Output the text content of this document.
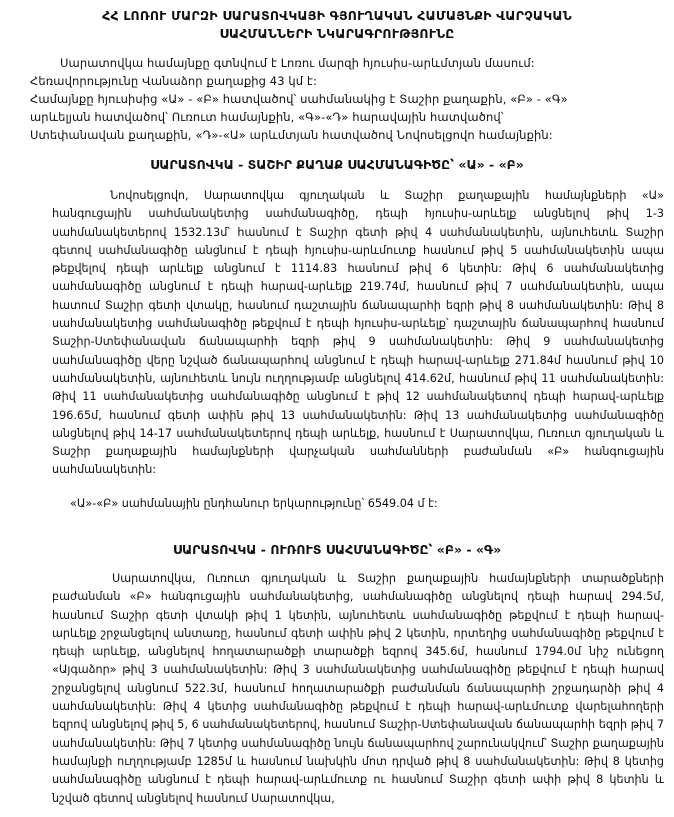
ՀՀ ԼՈՌՈՒ ՄԱՐԶԻ ՍԱՐԱՏՈՎԿԱՅԻ ԳՅՈՒՂԱԿԱՆ ՀԱՄԱՅՆՔԻ ՎԱՐՉԱԿԱՆ
ՍԱՀՄԱՆՆԵՐԻ ՆԿԱՐԱԳՐՈՒԹՅՈՒՆԸ
Սարատովկա համայնքը գտնվում է Լոռու մարզի հյուսիս-արևմտյան մասում:
Հեռավորությունը Վանաձոր քաղաքից 43 կմ է:
Համայնքը հյուսիսից «Ա» - «Բ» հատվածով՝ սահմանակից է Տաշիր քաղաքին, «Բ» - «Գ»
արևելյան հատվածով՝ Ուռուտ համայնքին, «Գ»-«Դ» հարավային հատվածով՝
Ստեփանավան քաղաքին, «Դ»-«Ա» արևմտյան հատվածով Նովոսելցովո համայնքին:
ՍԱՐԱՏՈՎԿԱ - ՏԱՇԻՐ ՔԱՂԱՔ ՍԱՀՄԱՆԱԳԻԾԸ՝ «Ա» - «Բ»

Նովոսելցովո, Սարատովկա գյուղական և Տաշիր քաղաքային համայնքների «Ա» հանգուցային սահմանակետից սահմանագիծը, դեպի հյուսիս-արևելք անցնելով թիվ 1-3 սահմանակետերով 1532.13մ՝ հասնում է Տաշիր գետի թիվ 4 սահմանակետին, այնուհետև Տաշիր գետով սահմանագիծը անցնում է դեպի հյուսիս-արևմուտք հասնում թիվ 5 սահմանակետին ապա թեքվելով դեպի արևելք անցնում է 1114.83 հասնում թիվ 6 կետին: Թիվ 6 սահմանակետից սահմանագիծը անցնում է դեպի հարավ-արևելք 219.74մ, հասնում թիվ 7 սահմանակետին, ապա հատում Տաշիր գետի վտակը, հասնում դաշտային ճանապարհի եզրի թիվ 8 սահմանակետին: Թիվ 8 սահմանակետից սահմանագիծը թեքվում է դեպի հյուսիս-արևելք՝ դաշտային ճանապարհով հասնում Տաշիր-Ստեփանավան ճանապարհի եզրի թիվ 9 սահմանակետին: Թիվ 9 սահմանակետից սահմանագիծը վերը նշված ճանապարհով անցնում է դեպի հարավ-արևելք 271.84մ հասնում թիվ 10 սահմանակետին, այնուհետև նույն ուղղությամբ անցնելով 414.62մ, հասնում թիվ 11 սահմանակետին: Թիվ 11 սահմանակետից սահմանագիծը անցնում է թիվ 12 սահմանակետով դեպի հարավ-արևելք 196.65մ, հասնում գետի ափին թիվ 13 սահմանակետին: Թիվ 13 սահմանակետից սահմանագիծը անցնելով թիվ 14-17 սահմանակետերով դեպի արևելք, հասնում է Սարատովկա, Ուռուտ գյուղական և Տաշիր քաղաքային համայնքների վարչական սահմանների բաժանման «Բ» հանգուցային սահմանակետին:

«Ա»-«Բ» սահմանային ընդհանուր երկարությունը՝ 6549.04 մ է:
ՍԱՐԱՏՈՎԿԱ - ՈՒՌՈՒՏ ՍԱՀՄԱՆԱԳԻԾԸ՝ «Բ» - «Գ»

Սարատովկա, Ուռուտ գյուղական և Տաշիր քաղաքային համայնքների տարածքների բաժանման «Բ» հանգուցային սահմանակետից, սահմանագիծը անցնելով դեպի հարավ 294.5մ, հասնում Տաշիր գետի վտակի թիվ 1 կետին, այնուհետև սահմանագիծը թեքվում է դեպի հարավ-արևելք շրջանցելով անտառը, հասնում գետի ափին թիվ 2 կետին, որտեղից սահմանագիծը թեքվում է դեպի արևելք, անցնելով հողատարածքի տարածքի եզրով 345.6մ, հասնում 1794.0մ նիշ ունեցող «Այգաձոր» թիվ 3 սահմանակետին: Թիվ 3 սահմանակետից սահմանագիծը թեքվում է դեպի հարավ շրջանցելով անցնում 522.3մ, հասնում հողատարածքի բաժանման ճանապարհի շրջադարձի թիվ 4 սահմանակետին: Թիվ 4 կետից սահմանագիծը թեքվում է դեպի հարավ-արևմուտք վարելահողերի եզրով անցնելով թիվ 5, 6 սահմանակետերով, հասնում Տաշիր-Ստեփանավան ճանապարհի եզրի թիվ 7 սահմանակետին: Թիվ 7 կետից սահմանագիծը նույն ճանապարհով շարունակվում՝ Տաշիր քաղաքային համայնքի ուղղությամբ 1285մ և հասնում նախկին մոտ դրված թիվ 8 սահմանակետին: Թիվ 8 կետից սահմանագիծը անցնում է դեպի հարավ-արևմուտք ու հասնում Տաշիր գետի ափի թիվ 8 կետին և նշված գետով անցնելով հասնում Սարատովկա,
